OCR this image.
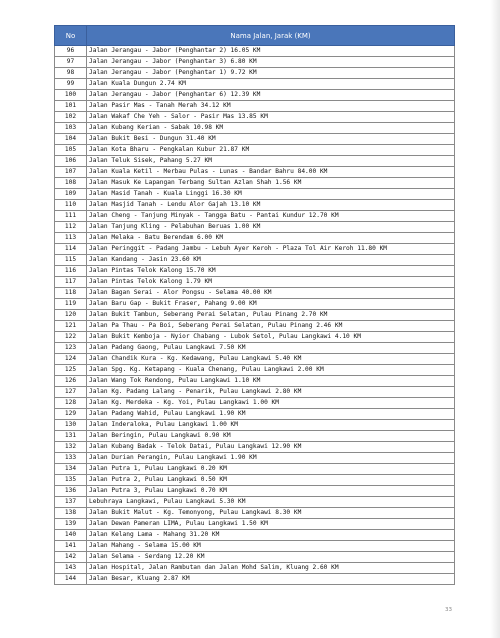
No	Nama Jalan, Jarak (KM)
96	Jalan Jerangau - Jabor (Penghantar 2) 16.05 KM
97	Jalan Jerangau - Jabor (Penghantar 3) 6.80 KM
98	Jalan Jerangau - Jabor (Penghantar 1) 9.72 KM
99	Jalan Kuala Dungun 2.74 KM
100	Jalan Jerangau - Jabor (Penghantar 6) 12.39 KM
101	Jalan Pasir Mas - Tanah Merah 34.12 KM
102	Jalan Wakaf Che Yeh - Salor - Pasir Mas 13.85 KM
103	Jalan Kubang Kerian - Sabak 10.98 KM
104	Jalan Bukit Besi - Dungun 31.40 KM
105	Jalan Kota Bharu - Pengkalan Kubur 21.87 KM
106	Jalan Teluk Sisek, Pahang 5.27 KM
107	Jalan Kuala Ketil - Merbau Pulas - Lunas - Bandar Bahru 84.00 KM
108	Jalan Masuk Ke Lapangan Terbang Sultan Azlan Shah 1.56 KM
109	Jalan Masid Tanah - Kuala Linggi 16.30 KM
110	Jalan Masjid Tanah - Lendu Alor Gajah 13.10 KM
111	Jalan Cheng - Tanjung Minyak - Tangga Batu - Pantai Kundur 12.70 KM
112	Jalan Tanjung Kling - Pelabuhan Beruas 1.00 KM
113	Jalan Melaka - Batu Berendam 6.00 KM
114	Jalan Peringgit - Padang Jambu - Lebuh Ayer Keroh - Plaza Tol Air Keroh 11.80 KM
115	Jalan Kandang - Jasin 23.60 KM
116	Jalan Pintas Telok Kalong 15.70 KM
117	Jalan Pintas Telok Kalong 1.79 KM
118	Jalan Bagan Serai - Alor Pongsu - Selama 40.00 KM
119	Jalan Baru Gap - Bukit Fraser, Pahang 9.00 KM
120	Jalan Bukit Tambun, Seberang Perai Selatan, Pulau Pinang 2.70 KM
121	Jalan Pa Thau - Pa Boi, Seberang Perai Selatan, Pulau Pinang 2.46 KM
122	Jalan Bukit Kemboja - Nyior Chabang - Lubok Setol, Pulau Langkawi 4.10 KM
123	Jalan Padang Gaong, Pulau Langkawi 7.50 KM
124	Jalan Chandik Kura - Kg. Kedawang, Pulau Langkawi 5.40 KM
125	Jalan Spg. Kg. Ketapang - Kuala Chenang, Pulau Langkawi 2.00 KM
126	Jalan Wang Tok Rendong, Pulau Langkawi 1.10 KM
127	Jalan Kg. Padang Lalang - Penarik, Pulau Langkawi 2.80 KM
128	Jalan Kg. Merdeka - Kg. Yoi, Pulau Langkawi 1.00 KM
129	Jalan Padang Wahid, Pulau Langkawi 1.90 KM
130	Jalan Inderaloka, Pulau Langkawi 1.00 KM
131	Jalan Beringin, Pulau Langkawi 0.90 KM
132	Jalan Kubang Badak - Telok Datai, Pulau Langkawi 12.90 KM
133	Jalan Durian Perangin, Pulau Langkawi 1.90 KM
134	Jalan Putra 1, Pulau Langkawi 0.20 KM
135	Jalan Putra 2, Pulau Langkawi 0.50 KM
136	Jalan Putra 3, Pulau Langkawi 0.70 KM
137	Lebuhraya Langkawi, Pulau Langkawi 5.30 KM
138	Jalan Bukit Malut - Kg. Temonyong, Pulau Langkawi 8.30 KM
139	Jalan Dewan Pameran LIMA, Pulau Langkawi 1.50 KM
140	Jalan Kelang Lama - Mahang 31.20 KM
141	Jalan Mahang - Selama 15.00 KM
142	Jalan Selama - Serdang 12.20 KM
143	Jalan Hospital, Jalan Rambutan dan Jalan Mohd Salim, Kluang 2.60 KM
144	Jalan Besar, Kluang 2.87 KM
33
